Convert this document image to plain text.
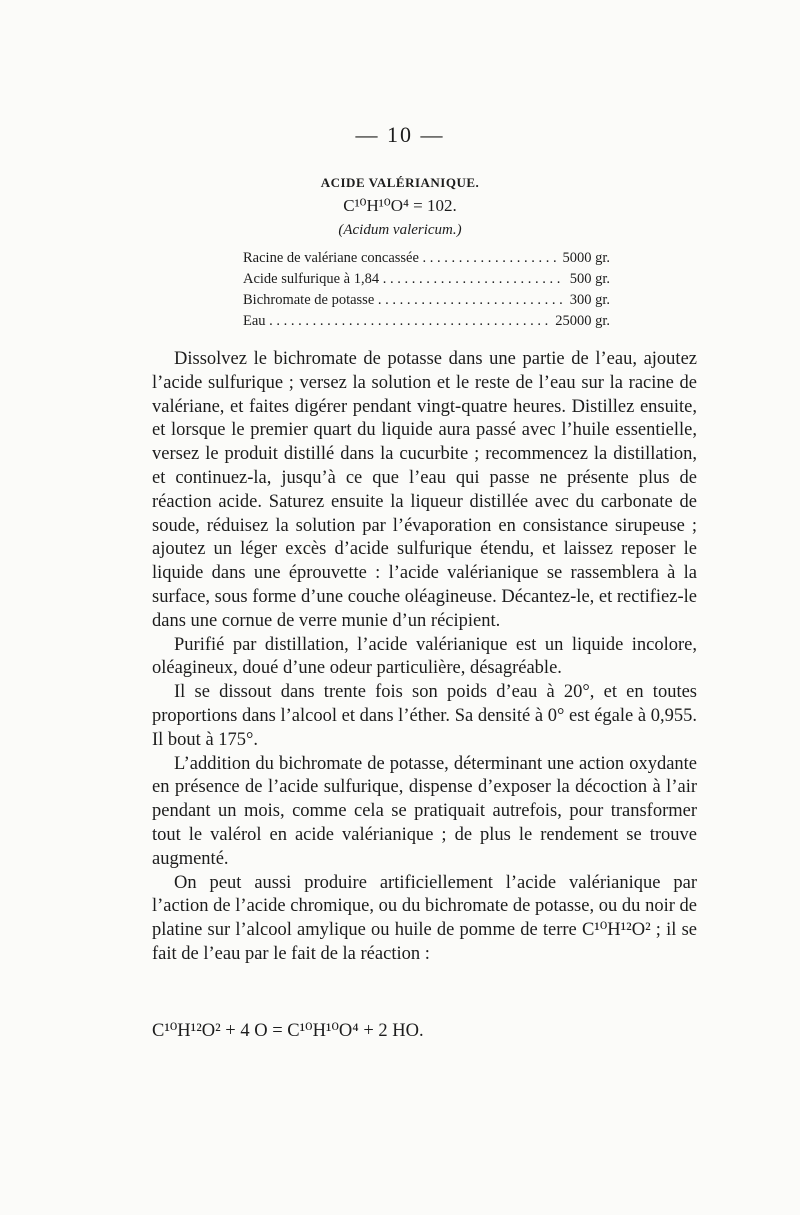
— 10 —
ACIDE VALÉRIANIQUE.
C¹⁰H¹⁰O⁴ = 102.
(Acidum valericum.)
Racine de valériane concassée . . .	5000 gr.
Acide sulfurique à 1,84 . . .	500 gr.
Bichromate de potasse . . .	300 gr.
Eau . . .	25000 gr.

Dissolvez le bichromate de potasse dans une partie de l’eau, ajoutez l’acide sulfurique ; versez la solution et le reste de l’eau sur la racine de valériane, et faites digérer pendant vingt-quatre heures. Distillez ensuite, et lorsque le premier quart du liquide aura passé avec l’huile essentielle, versez le produit distillé dans la cucurbite ; recommencez la distillation, et continuez-la, jusqu’à ce que l’eau qui passe ne présente plus de réaction acide. Saturez ensuite la liqueur distillée avec du carbonate de soude, réduisez la solution par l’évaporation en consistance sirupeuse ; ajoutez un léger excès d’acide sulfurique étendu, et laissez reposer le liquide dans une éprouvette : l’acide valérianique se rassemblera à la surface, sous forme d’une couche oléagineuse. Décantez-le, et rectifiez-le dans une cornue de verre munie d’un récipient.

Purifié par distillation, l’acide valérianique est un liquide incolore, oléagineux, doué d’une odeur particulière, désagréable.

Il se dissout dans trente fois son poids d’eau à 20°, et en toutes proportions dans l’alcool et dans l’éther. Sa densité à 0° est égale à 0,955. Il bout à 175°.

L’addition du bichromate de potasse, déterminant une action oxydante en présence de l’acide sulfurique, dispense d’exposer la décoction à l’air pendant un mois, comme cela se pratiquait autrefois, pour transformer tout le valérol en acide valérianique ; de plus le rendement se trouve augmenté.

On peut aussi produire artificiellement l’acide valérianique par l’action de l’acide chromique, ou du bichromate de potasse, ou du noir de platine sur l’alcool amylique ou huile de pomme de terre C¹⁰H¹²O² ; il se fait de l’eau par le fait de la réaction :

C¹⁰H¹²O² + 4 O = C¹⁰H¹⁰O⁴ + 2 HO.
